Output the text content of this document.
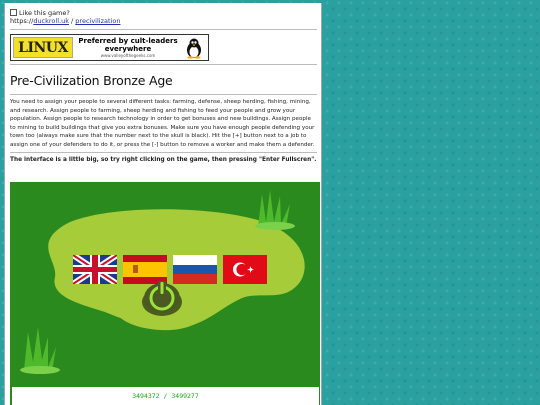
Like this game?
https://duckroll.uk / precivilization
LINUX	Preferred by cult-leaders
everywhere
www.valleyofthegeeks.com
Pre-Civilization Bronze Age

You need to assign your people to several different tasks: farming, defense, sheep herding, fishing, mining, and research. Assign people to farming, sheep herding and fishing to feed your people and grow your population. Assign people to research technology in order to get bonuses and new buildings. Assign people to mining to build buildings that give you extra bonuses. Make sure you have enough people defending your town too (always make sure that the number next to the skull is black). Hit the [+] button next to a job to assign one of your defenders to do it, or press the [-] button to remove a worker and make them a defender.

The interface is a little big, so try right clicking on the game, then pressing "Enter Fullscren".

3494372 / 3499277
